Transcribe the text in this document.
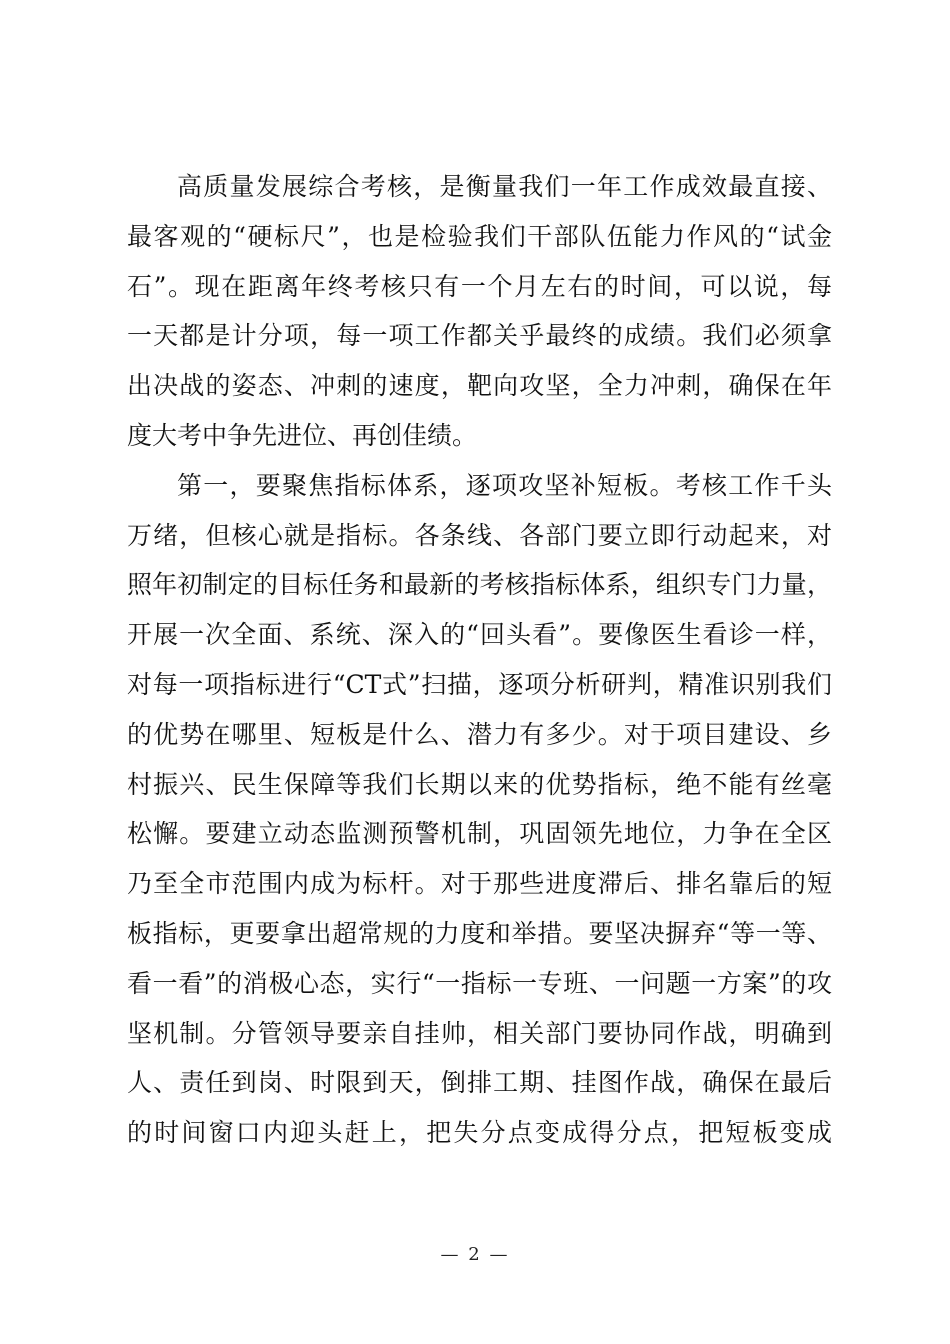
高质量发展综合考核，是衡量我们一年工作成效最直接、
最客观的“硬标尺”，也是检验我们干部队伍能力作风的“试金
石”。现在距离年终考核只有一个月左右的时间，可以说，每
一天都是计分项，每一项工作都关乎最终的成绩。我们必须拿
出决战的姿态、冲刺的速度，靶向攻坚，全力冲刺，确保在年
度大考中争先进位、再创佳绩。
第一，要聚焦指标体系，逐项攻坚补短板。考核工作千头
万绪，但核心就是指标。各条线、各部门要立即行动起来，对
照年初制定的目标任务和最新的考核指标体系，组织专门力量，
开展一次全面、系统、深入的“回头看”。要像医生看诊一样，
对每一项指标进行“CT式”扫描，逐项分析研判，精准识别我们
的优势在哪里、短板是什么、潜力有多少。对于项目建设、乡
村振兴、民生保障等我们长期以来的优势指标，绝不能有丝毫
松懈。要建立动态监测预警机制，巩固领先地位，力争在全区
乃至全市范围内成为标杆。对于那些进度滞后、排名靠后的短
板指标，更要拿出超常规的力度和举措。要坚决摒弃“等一等、
看一看”的消极心态，实行“一指标一专班、一问题一方案”的攻
坚机制。分管领导要亲自挂帅，相关部门要协同作战，明确到
人、责任到岗、时限到天，倒排工期、挂图作战，确保在最后
的时间窗口内迎头赶上，把失分点变成得分点，把短板变成
— 2 —
